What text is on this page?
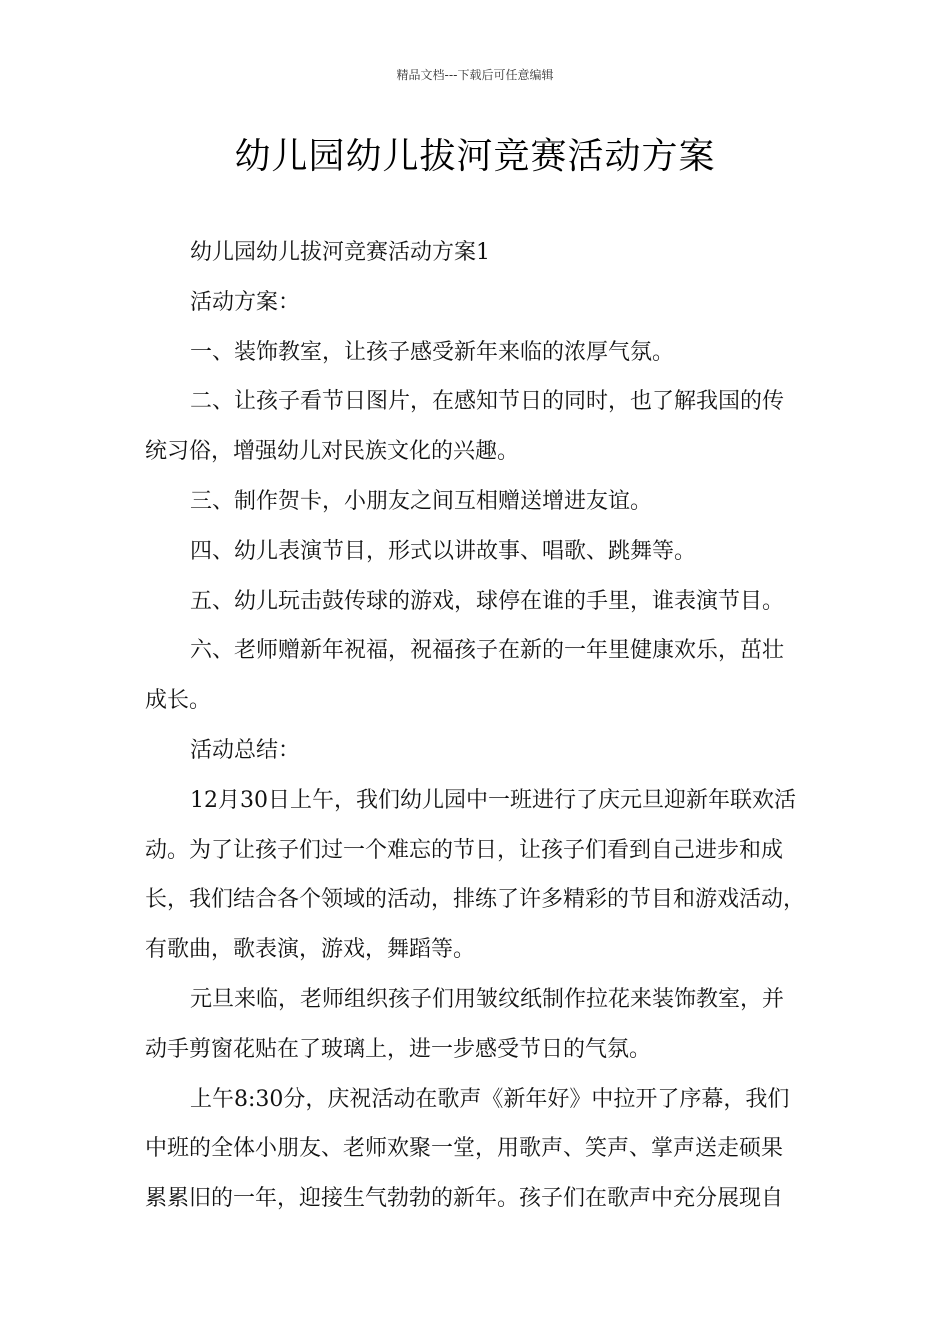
精品文档---下载后可任意编辑
幼儿园幼儿拔河竞赛活动方案
幼儿园幼儿拔河竞赛活动方案1
活动方案：
一、装饰教室，让孩子感受新年来临的浓厚气氛。
二、让孩子看节日图片，在感知节日的同时，也了解我国的传
统习俗，增强幼儿对民族文化的兴趣。
三、制作贺卡，小朋友之间互相赠送增进友谊。
四、幼儿表演节目，形式以讲故事、唱歌、跳舞等。
五、幼儿玩击鼓传球的游戏，球停在谁的手里，谁表演节目。
六、老师赠新年祝福，祝福孩子在新的一年里健康欢乐，茁壮
成长。
活动总结：
12月30日上午，我们幼儿园中一班进行了庆元旦迎新年联欢活
动。为了让孩子们过一个难忘的节日，让孩子们看到自己进步和成
长，我们结合各个领域的活动，排练了许多精彩的节目和游戏活动，
有歌曲，歌表演，游戏，舞蹈等。
元旦来临，老师组织孩子们用皱纹纸制作拉花来装饰教室，并
动手剪窗花贴在了玻璃上，进一步感受节日的气氛。
上午8:30分，庆祝活动在歌声《新年好》中拉开了序幕，我们
中班的全体小朋友、老师欢聚一堂，用歌声、笑声、掌声送走硕果
累累旧的一年，迎接生气勃勃的新年。孩子们在歌声中充分展现自
